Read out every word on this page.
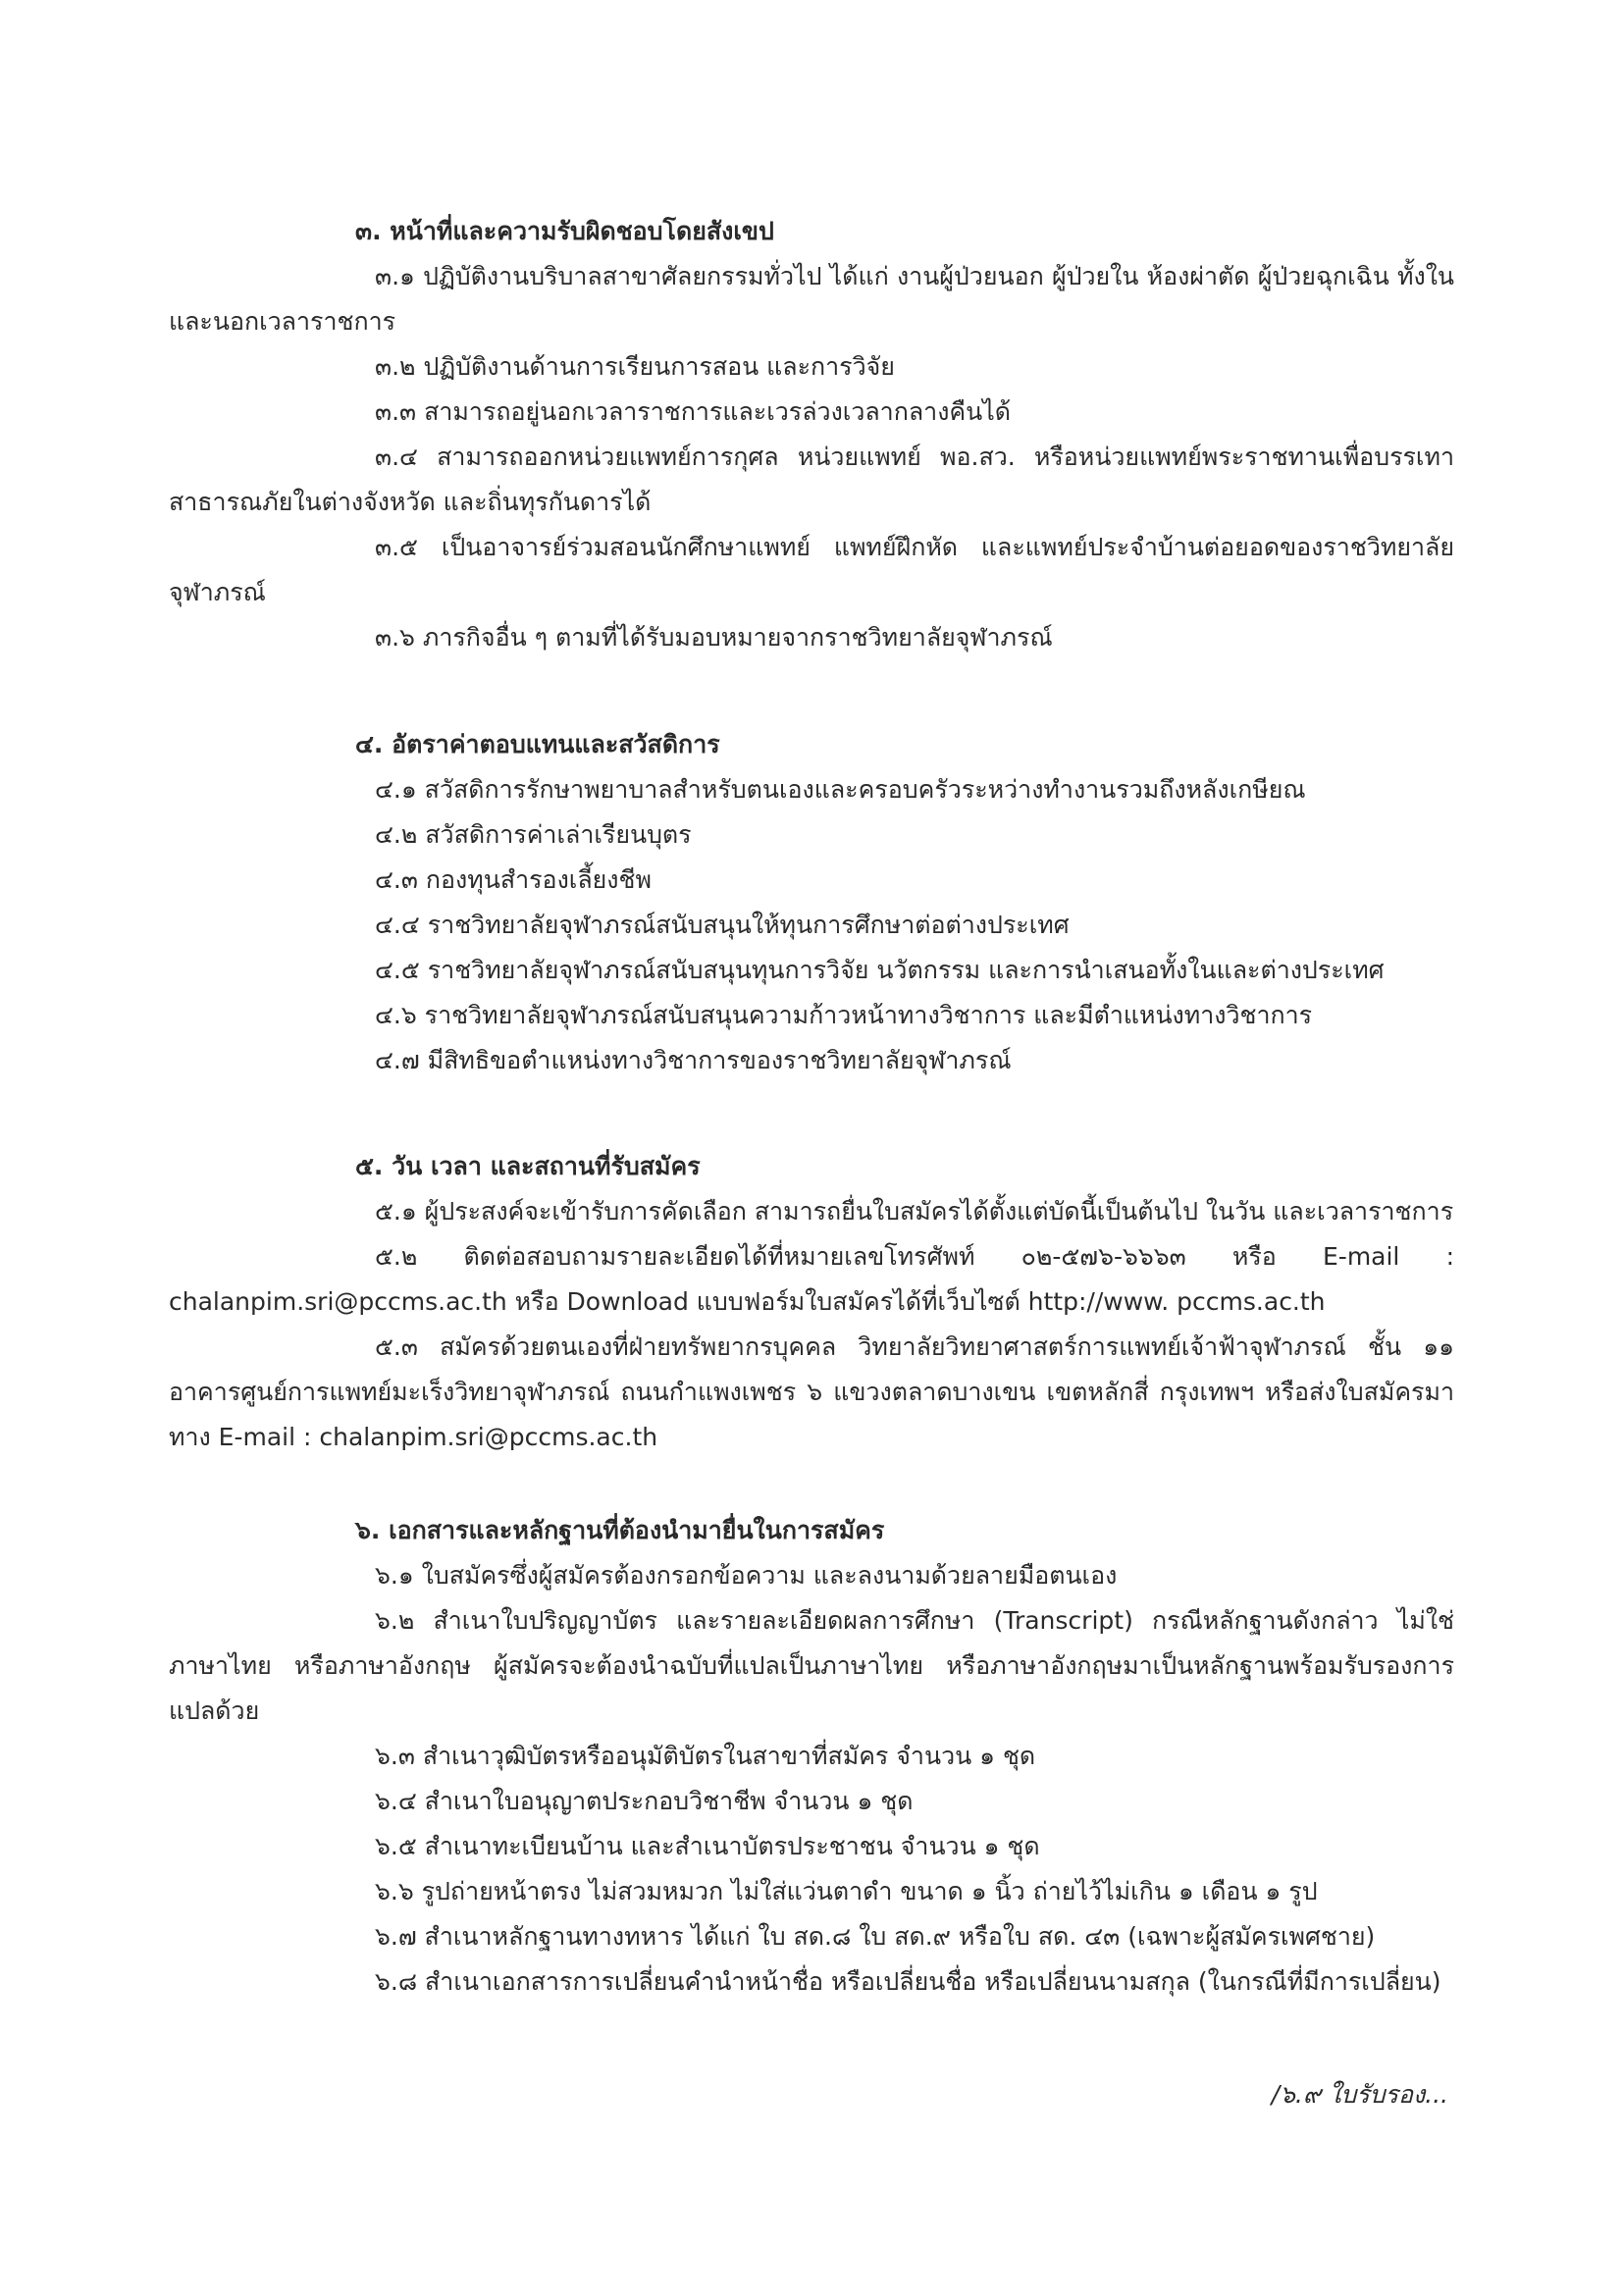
๓. หน้าที่และความรับผิดชอบโดยสังเขป

๓.๑ ปฏิบัติงานบริบาลสาขาศัลยกรรมทั่วไป ได้แก่ งานผู้ป่วยนอก ผู้ป่วยใน ห้องผ่าตัด ผู้ป่วยฉุกเฉิน ทั้งในและนอกเวลาราชการ

๓.๒ ปฏิบัติงานด้านการเรียนการสอน และการวิจัย

๓.๓ สามารถอยู่นอกเวลาราชการและเวรล่วงเวลากลางคืนได้

๓.๔ สามารถออกหน่วยแพทย์การกุศล หน่วยแพทย์ พอ.สว. หรือหน่วยแพทย์พระราชทานเพื่อบรรเทาสาธารณภัยในต่างจังหวัด และถิ่นทุรกันดารได้

๓.๕ เป็นอาจารย์ร่วมสอนนักศึกษาแพทย์ แพทย์ฝึกหัด และแพทย์ประจำบ้านต่อยอดของราชวิทยาลัย จุฬาภรณ์

๓.๖ ภารกิจอื่น ๆ ตามที่ได้รับมอบหมายจากราชวิทยาลัยจุฬาภรณ์

๔. อัตราค่าตอบแทนและสวัสดิการ

๔.๑ สวัสดิการรักษาพยาบาลสำหรับตนเองและครอบครัวระหว่างทำงานรวมถึงหลังเกษียณ

๔.๒ สวัสดิการค่าเล่าเรียนบุตร

๔.๓ กองทุนสำรองเลี้ยงชีพ

๔.๔ ราชวิทยาลัยจุฬาภรณ์สนับสนุนให้ทุนการศึกษาต่อต่างประเทศ

๔.๕ ราชวิทยาลัยจุฬาภรณ์สนับสนุนทุนการวิจัย นวัตกรรม และการนำเสนอทั้งในและต่างประเทศ

๔.๖ ราชวิทยาลัยจุฬาภรณ์สนับสนุนความก้าวหน้าทางวิชาการ และมีตำแหน่งทางวิชาการ

๔.๗ มีสิทธิขอตำแหน่งทางวิชาการของราชวิทยาลัยจุฬาภรณ์

๕. วัน เวลา และสถานที่รับสมัคร

๕.๑ ผู้ประสงค์จะเข้ารับการคัดเลือก สามารถยื่นใบสมัครได้ตั้งแต่บัดนี้เป็นต้นไป ในวัน และเวลาราชการ

๕.๒ ติดต่อสอบถามรายละเอียดได้ที่หมายเลขโทรศัพท์ ๐๒-๕๗๖-๖๖๖๓ หรือ E-mail : chalanpim.sri@pccms.ac.th หรือ Download แบบฟอร์มใบสมัครได้ที่เว็บไซต์ http://www. pccms.ac.th

๕.๓ สมัครด้วยตนเองที่ฝ่ายทรัพยากรบุคคล วิทยาลัยวิทยาศาสตร์การแพทย์เจ้าฟ้าจุฬาภรณ์ ชั้น ๑๑ อาคารศูนย์การแพทย์มะเร็งวิทยาจุฬาภรณ์ ถนนกำแพงเพชร ๖ แขวงตลาดบางเขน เขตหลักสี่ กรุงเทพฯ หรือส่งใบสมัครมาทาง E-mail : chalanpim.sri@pccms.ac.th

๖. เอกสารและหลักฐานที่ต้องนำมายื่นในการสมัคร

๖.๑ ใบสมัครซึ่งผู้สมัครต้องกรอกข้อความ และลงนามด้วยลายมือตนเอง

๖.๒ สำเนาใบปริญญาบัตร และรายละเอียดผลการศึกษา (Transcript) กรณีหลักฐานดังกล่าว ไม่ใช่ภาษาไทย หรือภาษาอังกฤษ ผู้สมัครจะต้องนำฉบับที่แปลเป็นภาษาไทย หรือภาษาอังกฤษมาเป็นหลักฐานพร้อมรับรองการแปลด้วย

๖.๓ สำเนาวุฒิบัตรหรืออนุมัติบัตรในสาขาที่สมัคร จำนวน ๑ ชุด

๖.๔ สำเนาใบอนุญาตประกอบวิชาชีพ จำนวน ๑ ชุด

๖.๕ สำเนาทะเบียนบ้าน และสำเนาบัตรประชาชน จำนวน ๑ ชุด

๖.๖ รูปถ่ายหน้าตรง ไม่สวมหมวก ไม่ใส่แว่นตาดำ ขนาด ๑ นิ้ว ถ่ายไว้ไม่เกิน ๑ เดือน ๑ รูป

๖.๗ สำเนาหลักฐานทางทหาร ได้แก่ ใบ สด.๘ ใบ สด.๙ หรือใบ สด. ๔๓ (เฉพาะผู้สมัครเพศชาย)

๖.๘ สำเนาเอกสารการเปลี่ยนคำนำหน้าชื่อ หรือเปลี่ยนชื่อ หรือเปลี่ยนนามสกุล (ในกรณีที่มีการเปลี่ยน)

/๖.๙ ใบรับรอง...
